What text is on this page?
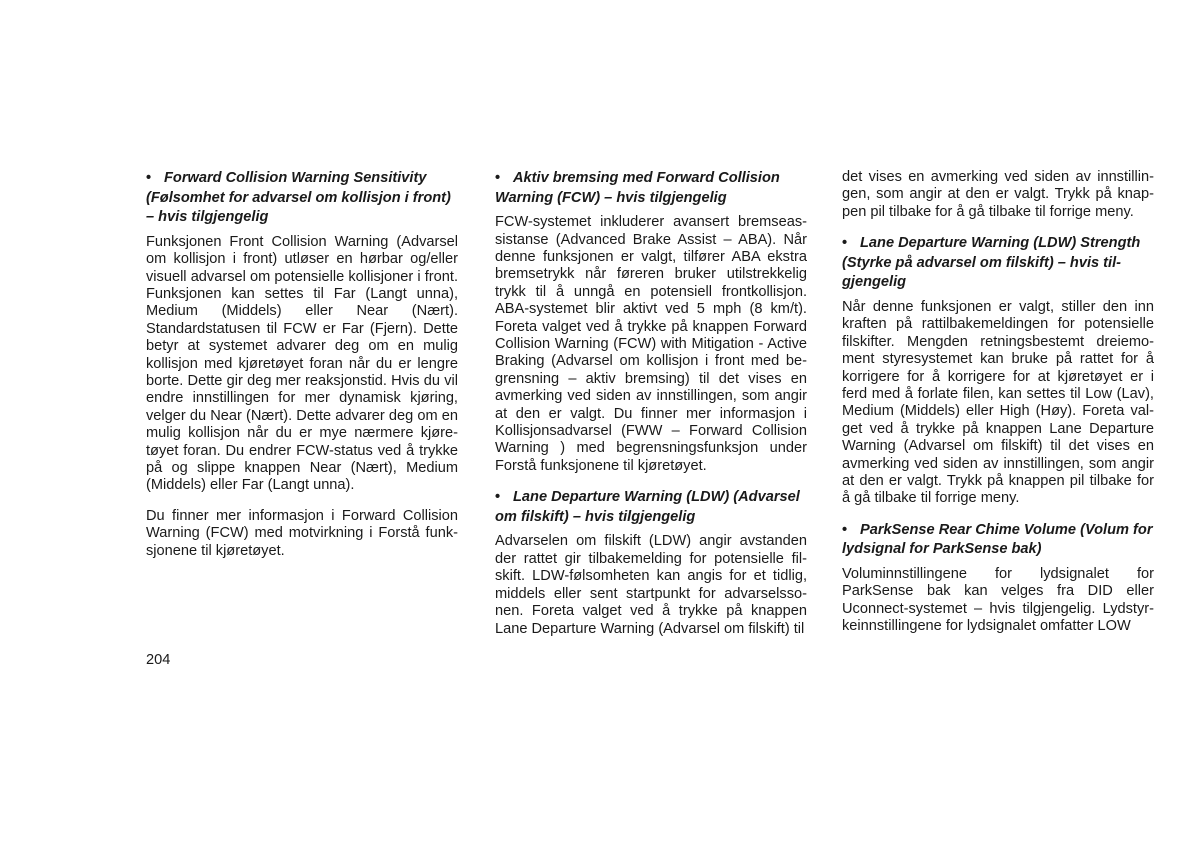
• Forward Collision Warning Sensitivity (Følsomhet for advarsel om kollisjon i front) – hvis tilgjengelig
Funksjonen Front Collision Warning (Advarsel om kollisjon i front) utløser en hørbar og/eller visuell advarsel om potensielle kollisjoner i front. Funksjonen kan settes til Far (Langt unna), Medium (Middels) eller Near (Nært). Standardstatusen til FCW er Far (Fjern). Dette betyr at systemet advarer deg om en mulig kollisjon med kjøretøyet foran når du er lengre borte. Dette gir deg mer reaksjonstid. Hvis du vil endre innstillingen for mer dynamisk kjøring, velger du Near (Nært). Dette advarer deg om en mulig kollisjon når du er mye nærmere kjøretøyet foran. Du endrer FCW-status ved å trykke på og slippe knappen Near (Nært), Medium (Middels) eller Far (Langt unna).
Du finner mer informasjon i Forward Collision Warning (FCW) med motvirkning i Forstå funksjonene til kjøretøyet.
• Aktiv bremsing med Forward Collision Warning (FCW) – hvis tilgjengelig
FCW-systemet inkluderer avansert bremseassistanse (Advanced Brake Assist – ABA). Når denne funksjonen er valgt, tilfører ABA ekstra bremsetrykk når føreren bruker utilstrekkelig trykk til å unngå en potensiell frontkollisjon. ABA-systemet blir aktivt ved 5 mph (8 km/t). Foreta valget ved å trykke på knappen Forward Collision Warning (FCW) with Mitigation - Active Braking (Advarsel om kollisjon i front med begrensning – aktiv bremsing) til det vises en avmerking ved siden av innstillingen, som angir at den er valgt. Du finner mer informasjon i Kollisjonsadvarsel (FWW – Forward Collision Warning ) med begrensningsfunksjon under Forstå funksjonene til kjøretøyet.
• Lane Departure Warning (LDW) (Advarsel om filskift) – hvis tilgjengelig
Advarselen om filskift (LDW) angir avstanden der rattet gir tilbakemelding for potensielle filskift. LDW-følsomheten kan angis for et tidlig, middels eller sent startpunkt for advarselssonen. Foreta valget ved å trykke på knappen Lane Departure Warning (Advarsel om filskift) til
det vises en avmerking ved siden av innstillingen, som angir at den er valgt. Trykk på knappen pil tilbake for å gå tilbake til forrige meny.
• Lane Departure Warning (LDW) Strength (Styrke på advarsel om filskift) – hvis tilgjengelig
Når denne funksjonen er valgt, stiller den inn kraften på rattilbakemeldingen for potensielle filskifter. Mengden retningsbestemt dreiemoment styresystemet kan bruke på rattet for å korrigere for å korrigere for at kjøretøyet er i ferd med å forlate filen, kan settes til Low (Lav), Medium (Middels) eller High (Høy). Foreta valget ved å trykke på knappen Lane Departure Warning (Advarsel om filskift) til det vises en avmerking ved siden av innstillingen, som angir at den er valgt. Trykk på knappen pil tilbake for å gå tilbake til forrige meny.
• ParkSense Rear Chime Volume (Volum for lydsignal for ParkSense bak)
Voluminnstillingene for lydsignalet for ParkSense bak kan velges fra DID eller Uconnect-systemet – hvis tilgjengelig. Lydstyrkeinnstillingene for lydsignalet omfatter LOW
204
